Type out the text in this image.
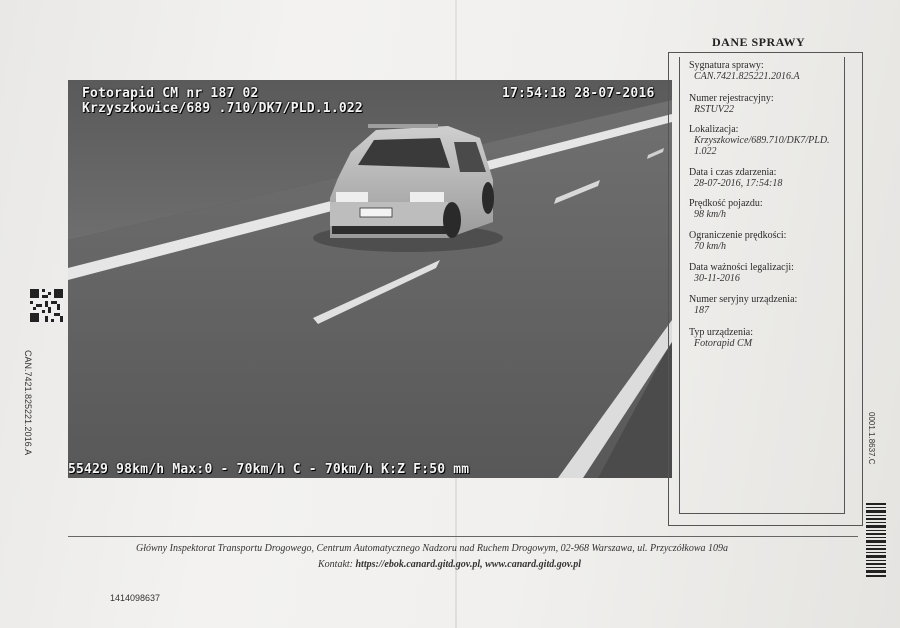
CAN.7421.825221.2016.A
Fotorapid CM nr 187 02
Krzyszkowice/689 .710/DK7/PLD.1.022
17:54:18 28-07-2016
55429 98km/h Max:0 - 70km/h C - 70km/h K:Z F:50 mm
DANE SPRAWY
Sygnatura sprawy:
CAN.7421.825221.2016.A
Numer rejestracyjny:
RSTUV22
Lokalizacja:
Krzyszkowice/689.710/DK7/PLD.
1.022
Data i czas zdarzenia:
28-07-2016, 17:54:18
Prędkość pojazdu:
98 km/h
Ograniczenie prędkości:
70 km/h
Data ważności legalizacji:
30-11-2016
Numer seryjny urządzenia:
187
Typ urządzenia:
Fotorapid CM
0001.1.8637.C
Główny Inspektorat Transportu Drogowego, Centrum Automatycznego Nadzoru nad Ruchem Drogowym, 02-968 Warszawa, ul. Przyczółkowa 109a
Kontakt: https://ebok.canard.gitd.gov.pl, www.canard.gitd.gov.pl
1414098637
